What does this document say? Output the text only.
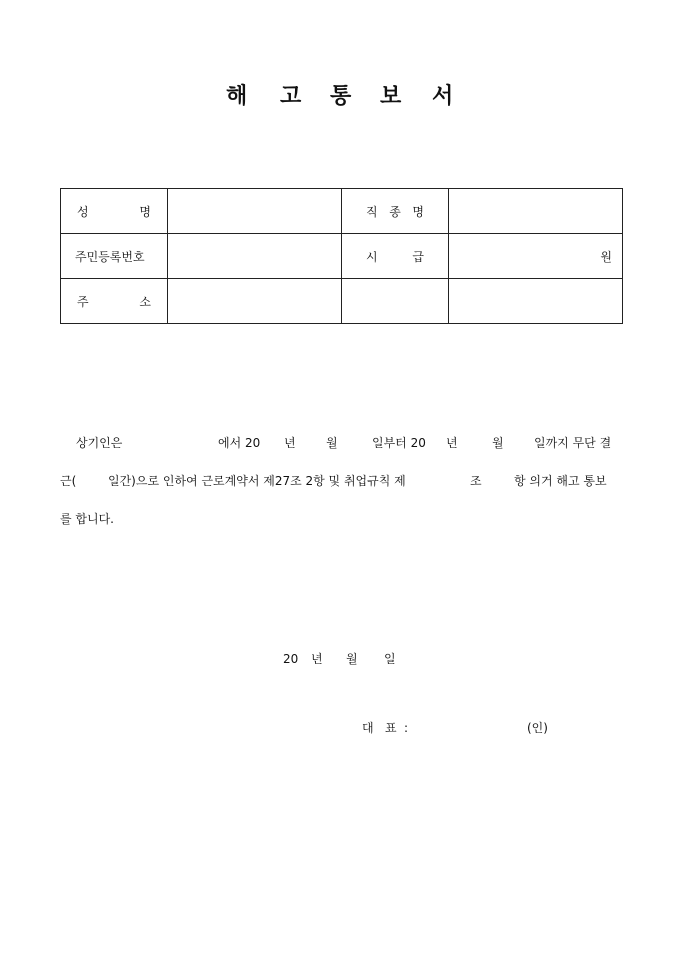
해 고 통 보 서
성 명		직 종 명	

주민등록번호		시 급	원

주 소			

상기인은	에서 20 년	월	일부터 20 년	월	일까지 무단 결
근(	일간)으로 인하여 근로계약서 제27조 2항 및 취업규칙 제	조	항 의거 해고 통보
를 합니다.
20 년 월 일
대 표 :	(인)
